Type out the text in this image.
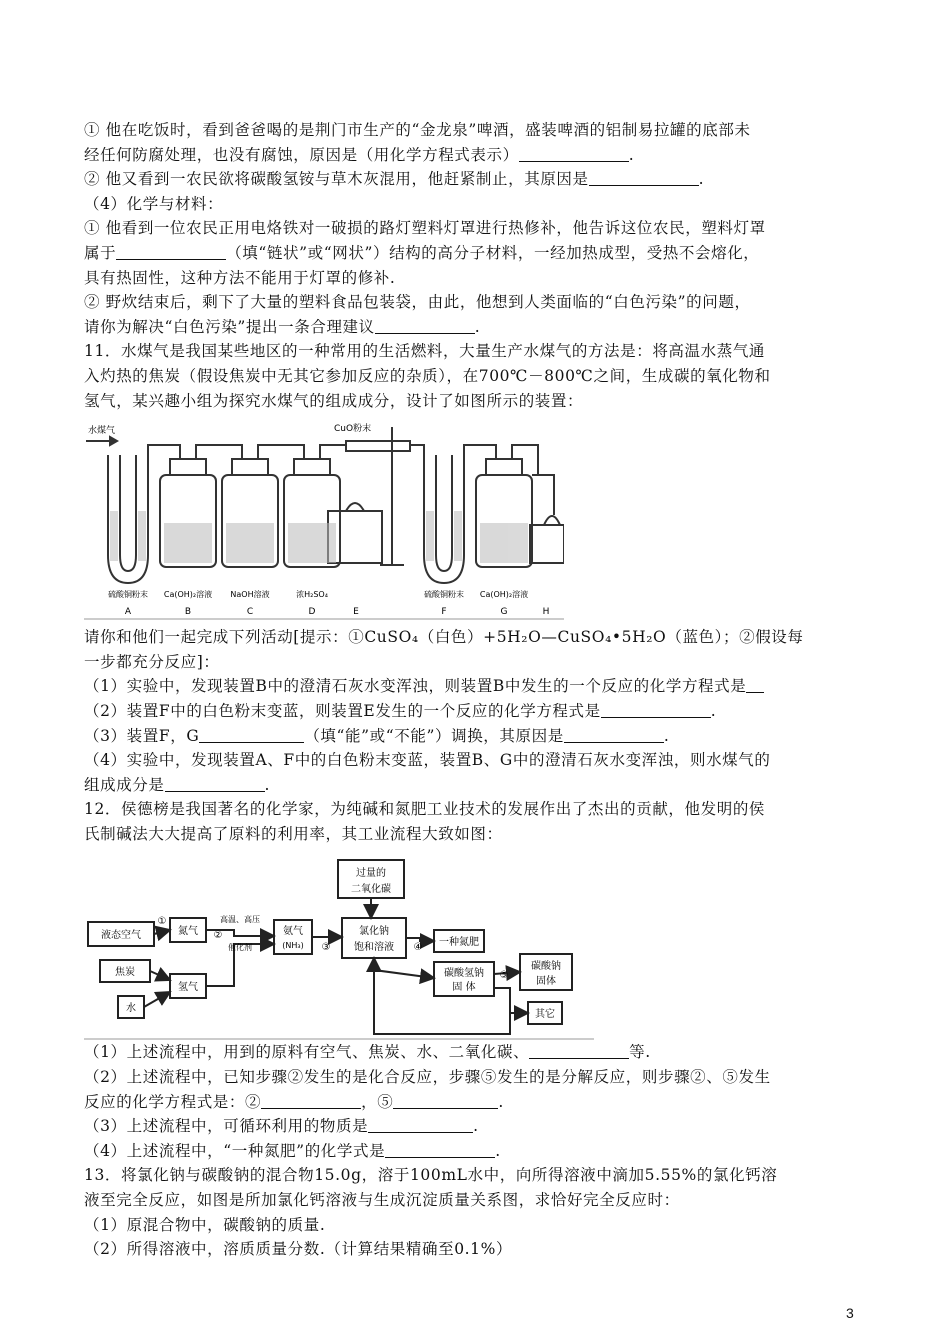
① 他在吃饭时，看到爸爸喝的是荆门市生产的“金龙泉”啤酒，盛装啤酒的铝制易拉罐的底部未
经任何防腐处理，也没有腐蚀，原因是（用化学方程式表示）	.
② 他又看到一农民欲将碳酸氢铵与草木灰混用，他赶紧制止，其原因是	.
（4）化学与材料：
① 他看到一位农民正用电烙铁对一破损的路灯塑料灯罩进行热修补，他告诉这位农民，塑料灯罩
属于	（填“链状”或“网状”）结构的高分子材料，一经加热成型，受热不会熔化，
具有热固性，这种方法不能用于灯罩的修补.
② 野炊结束后，剩下了大量的塑料食品包装袋，由此，他想到人类面临的“白色污染”的问题，
请你为解决“白色污染”提出一条合理建议	.
11．水煤气是我国某些地区的一种常用的生活燃料，大量生产水煤气的方法是：将高温水蒸气通
入灼热的焦炭（假设焦炭中无其它参加反应的杂质），在700℃－800℃之间，生成碳的氧化物和
氢气，某兴趣小组为探究水煤气的组成成分，设计了如图所示的装置：
水煤气	CuO粉末
硫酸铜粉末 Ca(OH)₂溶液 NaOH溶液	浓H₂SO₄	硫酸铜粉末 Ca(OH)₂溶液
A	B	C	D	E	F	G	H
请你和他们一起完成下列活动[提示：①CuSO₄（白色）+5H₂O—CuSO₄•5H₂O（蓝色）；②假设每
一步都充分反应]：
（1）实验中，发现装置B中的澄清石灰水变浑浊，则装置B中发生的一个反应的化学方程式是
（2）装置F中的白色粉末变蓝，则装置E发生的一个反应的化学方程式是	.
（3）装置F，G	（填“能”或“不能”）调换，其原因是	.
（4）实验中，发现装置A、F中的白色粉末变蓝，装置B、G中的澄清石灰水变浑浊，则水煤气的
组成成分是	.
12．侯德榜是我国著名的化学家，为纯碱和氮肥工业技术的发展作出了杰出的贡献，他发明的侯
氏制碱法大大提高了原料的利用率，其工业流程大致如图：
液态空气	氮气
焦炭
水
氢气
氨气
(NH₃)
过量的
二氧化碳
氯化钠
饱和溶液	一种氮肥
碳酸氢钠
固 体
碳酸钠
固体
其它
高温、高压
催化剂
①
②
③	④
⑤
（1）上述流程中，用到的原料有空气、焦炭、水、二氧化碳、	等.
（2）上述流程中，已知步骤②发生的是化合反应，步骤⑤发生的是分解反应，则步骤②、⑤发生
反应的化学方程式是：②	，⑤	.
（3）上述流程中，可循环利用的物质是	.
（4）上述流程中，“一种氮肥”的化学式是	.
13．将氯化钠与碳酸钠的混合物15.0g，溶于100mL水中，向所得溶液中滴加5.55%的氯化钙溶
液至完全反应，如图是所加氯化钙溶液与生成沉淀质量关系图，求恰好完全反应时：
（1）原混合物中，碳酸钠的质量.
（2）所得溶液中，溶质质量分数.（计算结果精确至0.1%）
3
